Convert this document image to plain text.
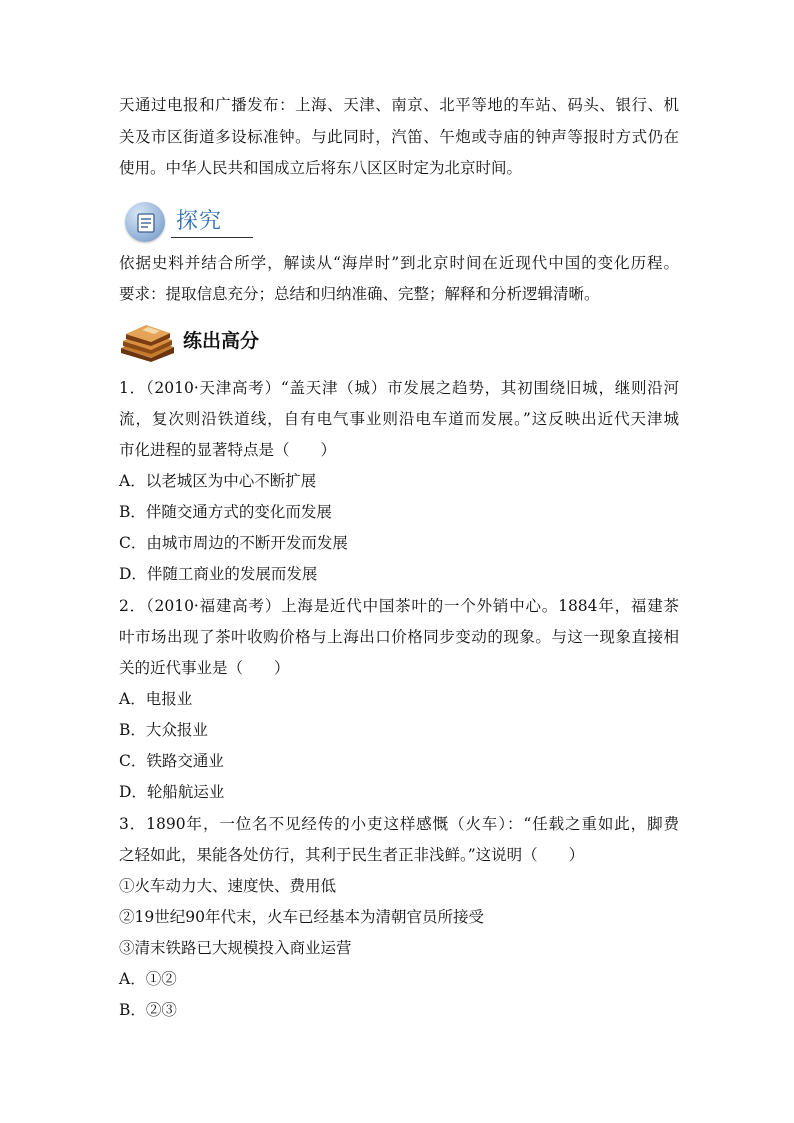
天通过电报和广播发布：上海、天津、南京、北平等地的车站、码头、银行、机
关及市区街道多设标准钟。与此同时，汽笛、午炮或寺庙的钟声等报时方式仍在
使用。中华人民共和国成立后将东八区区时定为北京时间。
探究
依据史料并结合所学，解读从“海岸时”到北京时间在近现代中国的变化历程。
要求：提取信息充分；总结和归纳准确、完整；解释和分析逻辑清晰。
练出高分
1．（2010·天津高考）“盖天津（城）市发展之趋势，其初围绕旧城，继则沿河
流，复次则沿铁道线，自有电气事业则沿电车道而发展。”这反映出近代天津城
市化进程的显著特点是（　　）
A．以老城区为中心不断扩展
B．伴随交通方式的变化而发展
C．由城市周边的不断开发而发展
D．伴随工商业的发展而发展
2．（2010·福建高考）上海是近代中国茶叶的一个外销中心。1884年，福建茶
叶市场出现了茶叶收购价格与上海出口价格同步变动的现象。与这一现象直接相
关的近代事业是（　　）
A．电报业
B．大众报业
C．铁路交通业
D．轮船航运业
3．1890年，一位名不见经传的小吏这样感慨（火车）：“任载之重如此，脚费
之轻如此，果能各处仿行，其利于民生者正非浅鲜。”这说明（　　）
①火车动力大、速度快、费用低
②19世纪90年代末，火车已经基本为清朝官员所接受
③清末铁路已大规模投入商业运营
A．①②
B．②③
